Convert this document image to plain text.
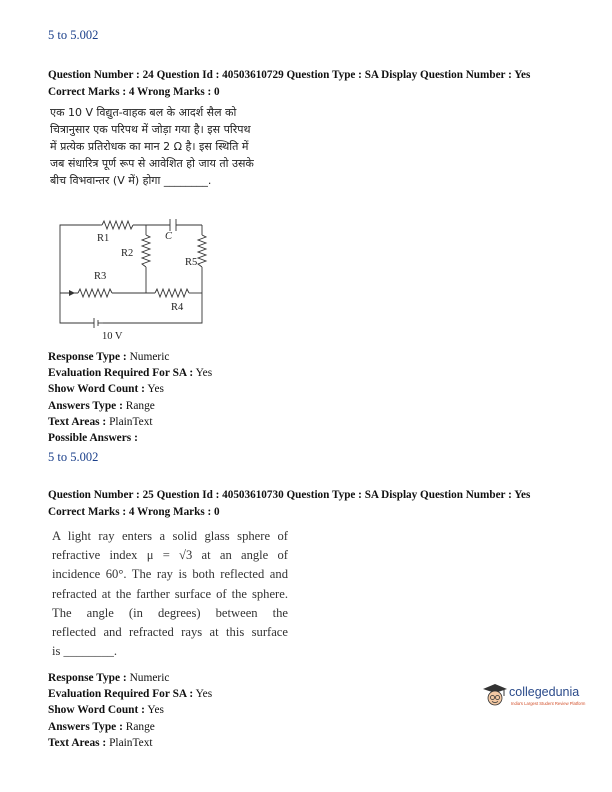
5 to 5.002
Question Number : 24 Question Id : 40503610729 Question Type : SA Display Question Number : Yes
Correct Marks : 4 Wrong Marks : 0
एक 10 V विद्युत-वाहक बल के आदर्श सैल को
चित्रानुसार एक परिपथ में जोड़ा गया है। इस परिपथ
में प्रत्येक प्रतिरोधक का मान 2 Ω है। इस स्थिति में
जब संधारित्र पूर्ण रूप से आवेशित हो जाय तो उसके
बीच विभवान्तर (V में) होगा ________.
R1
R2
C
R5
R3
R4
10 V
Response Type : Numeric
Evaluation Required For SA : Yes
Show Word Count : Yes
Answers Type : Range
Text Areas : PlainText
Possible Answers :
5 to 5.002
Question Number : 25 Question Id : 40503610730 Question Type : SA Display Question Number : Yes
Correct Marks : 4 Wrong Marks : 0
A light ray enters a solid glass sphere of
refractive index μ = √3 at an angle of
incidence 60°. The ray is both reflected and
refracted at the farther surface of the sphere.
The angle (in degrees) between the
reflected and refracted rays at this surface
is ________.
Response Type : Numeric
Evaluation Required For SA : Yes
Show Word Count : Yes
Answers Type : Range
Text Areas : PlainText
collegedunia
India's Largest Student Review Platform
